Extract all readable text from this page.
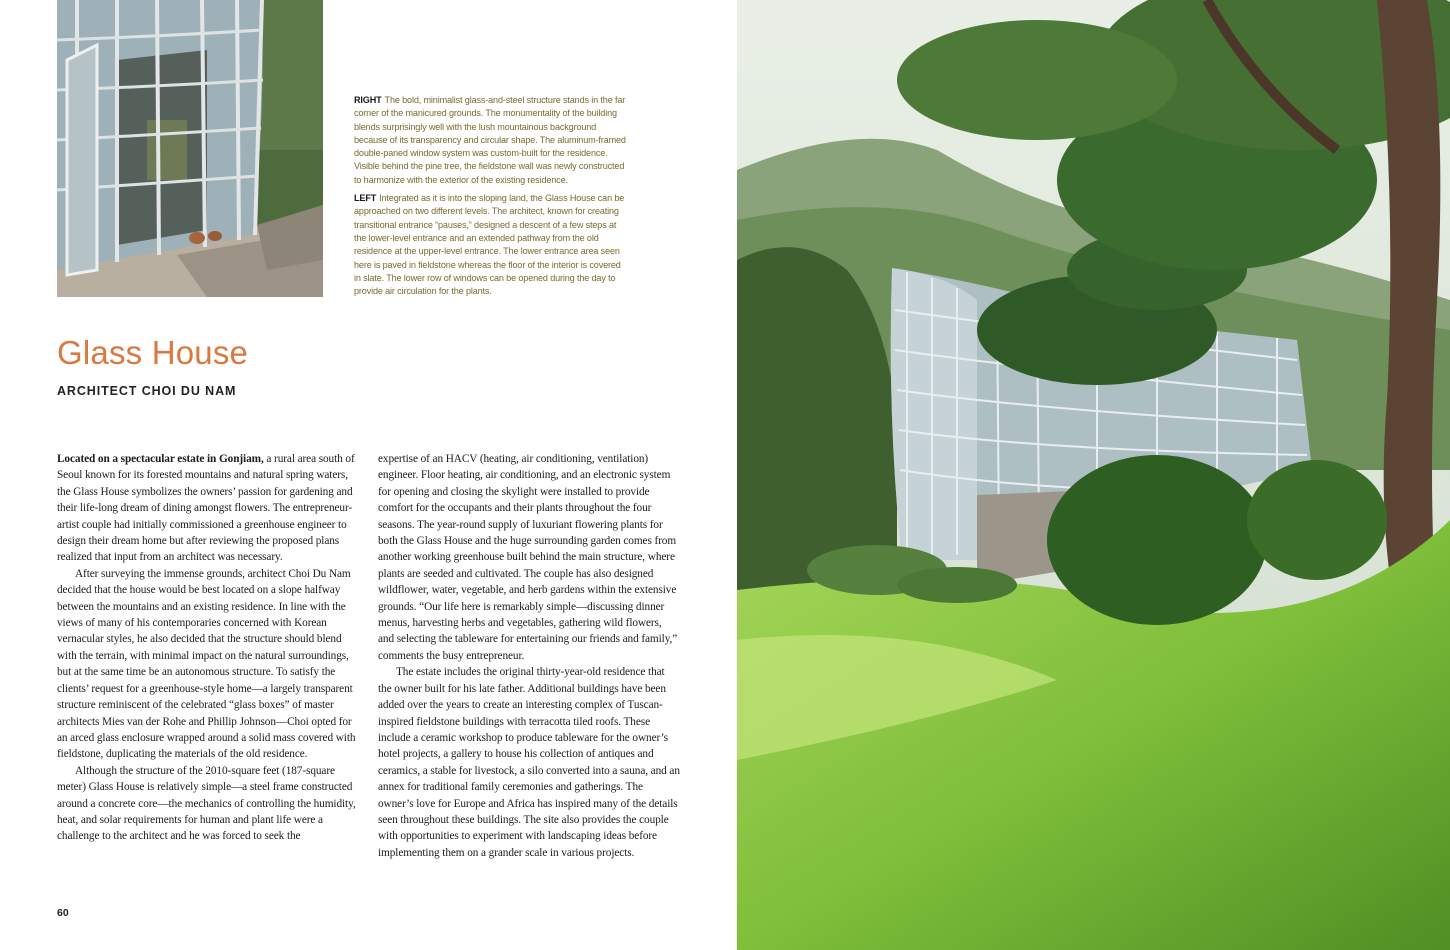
RIGHT The bold, minimalist glass-and-steel structure stands in the far corner of the manicured grounds. The monumentality of the building blends surprisingly well with the lush mountainous background because of its transparency and circular shape. The aluminum-framed double-paned window system was custom-built for the residence. Visible behind the pine tree, the fieldstone wall was newly constructed to harmonize with the exterior of the existing residence.

LEFT Integrated as it is into the sloping land, the Glass House can be approached on two different levels. The architect, known for creating transitional entrance “pauses,” designed a descent of a few steps at the lower-level entrance and an extended pathway from the old residence at the upper-level entrance. The lower entrance area seen here is paved in fieldstone whereas the floor of the interior is covered in slate. The lower row of windows can be opened during the day to provide air circulation for the plants.

Glass House
ARCHITECT CHOI DU NAM

Located on a spectacular estate in Gonjiam, a rural area south of Seoul known for its forested mountains and natural spring waters, the Glass House symbolizes the owners’ passion for gardening and their life-long dream of dining amongst flowers. The entrepreneur-artist couple had initially commissioned a greenhouse engineer to design their dream home but after reviewing the proposed plans realized that input from an architect was necessary.

After surveying the immense grounds, architect Choi Du Nam decided that the house would be best located on a slope halfway between the mountains and an existing residence. In line with the views of many of his contemporaries concerned with Korean vernacular styles, he also decided that the structure should blend with the terrain, with minimal impact on the natural surroundings, but at the same time be an autonomous structure. To satisfy the clients’ request for a greenhouse-style home—a largely transparent structure reminiscent of the celebrated “glass boxes” of master architects Mies van der Rohe and Phillip Johnson—Choi opted for an arced glass enclosure wrapped around a solid mass covered with fieldstone, duplicating the materials of the old residence.

Although the structure of the 2010-square feet (187-square meter) Glass House is relatively simple—a steel frame constructed around a concrete core—the mechanics of controlling the humidity, heat, and solar requirements for human and plant life were a challenge to the architect and he was forced to seek the

expertise of an HACV (heating, air conditioning, ventilation) engineer. Floor heating, air conditioning, and an electronic system for opening and closing the skylight were installed to provide comfort for the occupants and their plants throughout the four seasons. The year-round supply of luxuriant flowering plants for both the Glass House and the huge surrounding garden comes from another working greenhouse built behind the main structure, where plants are seeded and cultivated. The couple has also designed wildflower, water, vegetable, and herb gardens within the extensive grounds. “Our life here is remarkably simple—discussing dinner menus, harvesting herbs and vegetables, gathering wild flowers, and selecting the tableware for entertaining our friends and family,” comments the busy entrepreneur.

The estate includes the original thirty-year-old residence that the owner built for his late father. Additional buildings have been added over the years to create an interesting complex of Tuscan-inspired fieldstone buildings with terracotta tiled roofs. These include a ceramic workshop to produce tableware for the owner’s hotel projects, a gallery to house his collection of antiques and ceramics, a stable for livestock, a silo converted into a sauna, and an annex for traditional family ceremonies and gatherings. The owner’s love for Europe and Africa has inspired many of the details seen throughout these buildings. The site also provides the couple with opportunities to experiment with landscaping ideas before implementing them on a grander scale in various projects.

60
